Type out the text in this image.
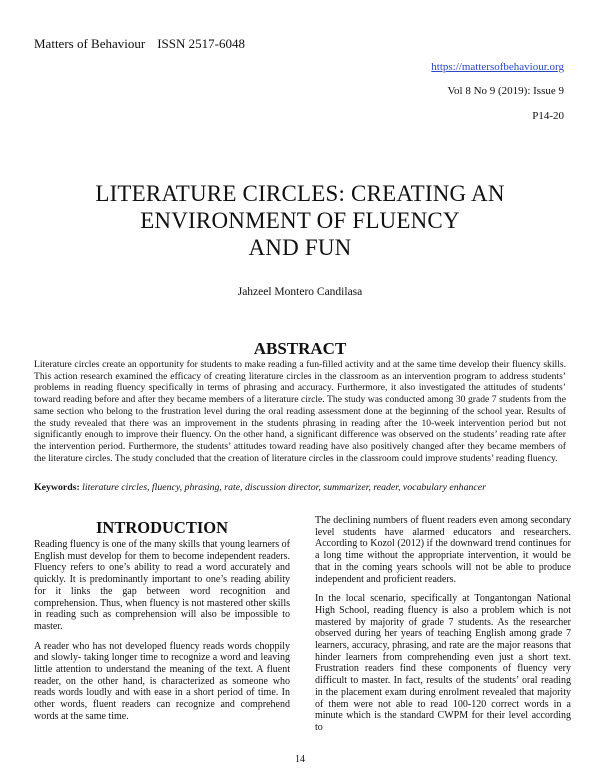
Matters of Behaviour ISSN 2517-6048
https://mattersofbehaviour.org
Vol 8 No 9 (2019): Issue 9
P14-20
LITERATURE CIRCLES: CREATING AN
ENVIRONMENT OF FLUENCY
AND FUN
Jahzeel Montero Candilasa
ABSTRACT
Literature circles create an opportunity for students to make reading a fun-filled activity and at the same time develop their fluency skills. This action research examined the efficacy of creating literature circles in the classroom as an intervention program to address students’ problems in reading fluency specifically in terms of phrasing and accuracy. Furthermore, it also investigated the attitudes of students’ toward reading before and after they became members of a literature circle. The study was conducted among 30 grade 7 students from the same section who belong to the frustration level during the oral reading assessment done at the beginning of the school year. Results of the study revealed that there was an improvement in the students phrasing in reading after the 10-week intervention period but not significantly enough to improve their fluency. On the other hand, a significant difference was observed on the students’ reading rate after the intervention period. Furthermore, the students’ attitudes toward reading have also positively changed after they became members of the literature circles. The study concluded that the creation of literature circles in the classroom could improve students’ reading fluency.
Keywords: literature circles, fluency, phrasing, rate, discussion director, summarizer, reader, vocabulary enhancer
INTRODUCTION

Reading fluency is one of the many skills that young learners of English must develop for them to become independent readers. Fluency refers to one’s ability to read a word accurately and quickly. It is predominantly important to one’s reading ability for it links the gap between word recognition and comprehension. Thus, when fluency is not mastered other skills in reading such as comprehension will also be impossible to master.

A reader who has not developed fluency reads words choppily and slowly- taking longer time to recognize a word and leaving little attention to understand the meaning of the text. A fluent reader, on the other hand, is characterized as someone who reads words loudly and with ease in a short period of time. In other words, fluent readers can recognize and comprehend words at the same time.

The declining numbers of fluent readers even among secondary level students have alarmed educators and researchers. According to Kozol (2012) if the downward trend continues for a long time without the appropriate intervention, it would be that in the coming years schools will not be able to produce independent and proficient readers.

In the local scenario, specifically at Tongantongan National High School, reading fluency is also a problem which is not mastered by majority of grade 7 students. As the researcher observed during her years of teaching English among grade 7 learners, accuracy, phrasing, and rate are the major reasons that hinder learners from comprehending even just a short text. Frustration readers find these components of fluency very difficult to master. In fact, results of the students’ oral reading in the placement exam during enrolment revealed that majority of them were not able to read 100-120 correct words in a minute which is the standard CWPM for their level according to

14
